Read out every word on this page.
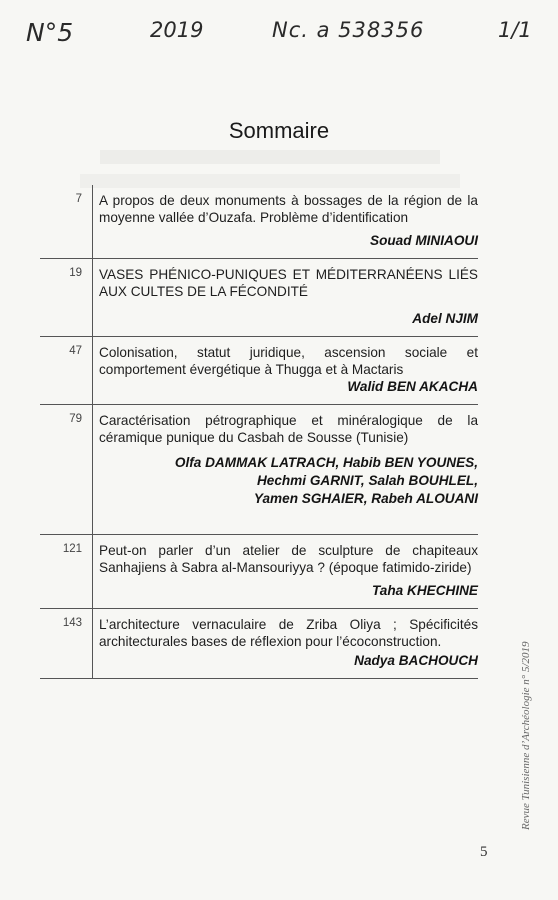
N°5	2019	Nc. a 538356	1/1
Sommaire
7 A propos de deux monuments à bossages de la région de la moyenne vallée d’Ouzafa. Problème d’identification
Souad MINIAOUI
19 VASES PHÉNICO-PUNIQUES ET MÉDITERRANÉENS LIÉS AUX CULTES DE LA FÉCONDITÉ
Adel NJIM
47 Colonisation, statut juridique, ascension sociale et comportement évergétique à Thugga et à Mactaris
Walid BEN AKACHA
79 Caractérisation pétrographique et minéralogique de la céramique punique du Casbah de Sousse (Tunisie)
Olfa DAMMAK LATRACH, Habib BEN YOUNES,
Hechmi GARNIT, Salah BOUHLEL,
Yamen SGHAIER, Rabeh ALOUANI
121 Peut-on parler d’un atelier de sculpture de chapiteaux Sanhajiens à Sabra al-Mansouriyya ? (époque fatimido-ziride)
Taha KHECHINE
143 L’architecture vernaculaire de Zriba Oliya ; Spécificités architecturales bases de réflexion pour l’écoconstruction.
Nadya BACHOUCH	Revue Tunisienne d’Archéologie n° 5/2019
5
